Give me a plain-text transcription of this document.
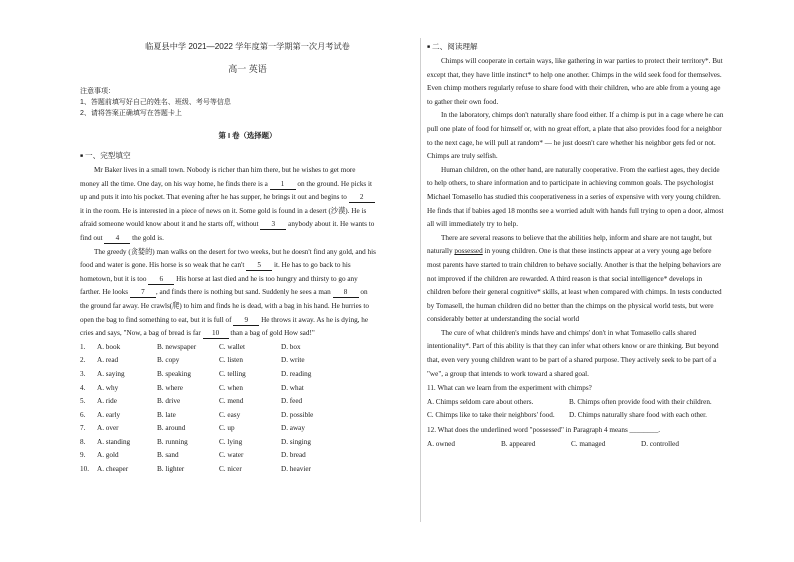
临夏县中学 2021—2022 学年度第一学期第一次月考试卷
高一 英语
注意事项：
1、答题前填写好自己的姓名、班级、考号等信息
2、请将答案正确填写在答题卡上
第 I 卷（选择题）
■ 一、完型填空
Mr Baker lives in a small town. Nobody is richer than him there, but he wishes to get more
money all the time. One day, on his way home, he finds there is a 1 on the ground. He picks it
up and puts it into his pocket. That evening after he has supper, he brings it out and begins to 2
it in the room. He is interested in a piece of news on it. Some gold is found in a desert (沙漠). He is
afraid someone would know about it and he starts off, without 3 anybody about it. He wants to
find out 4 the gold is.
The greedy (贪婪的) man walks on the desert for two weeks, but he doesn't find any gold, and his
food and water is gone. His horse is so weak that he can't 5 it. He has to go back to his
hometown, but it is too 6 His horse at last died and he is too hungry and thirsty to go any
farther. He looks 7 , and finds there is nothing but sand. Suddenly he sees a man 8 on
the ground far away. He crawls(爬) to him and finds he is dead, with a bag in his hand. He hurries to
open the bag to find something to eat, but it is full of 9 He throws it away. As he is dying, he
cries and says, "Now, a bag of bread is far 10 than a bag of gold How sad!"
1.	A. book	B. newspaper	C. wallet	D. box
2.	A. read	B. copy	C. listen	D. write
3.	A. saying	B. speaking	C. telling	D. reading
4.	A. why	B. where	C. when	D. what
5.	A. ride	B. drive	C. mend	D. feed
6.	A. early	B. late	C. easy	D. possible
7.	A. over	B. around	C. up	D. away
8.	A. standing	B. running	C. lying	D. singing
9.	A. gold	B. sand	C. water	D. bread
10.	A. cheaper	B. lighter	C. nicer	D. heavier
■ 二、阅读理解
Chimps will cooperate in certain ways, like gathering in war parties to protect their territory*. But
except that, they have little instinct* to help one another. Chimps in the wild seek food for themselves.
Even chimp mothers regularly refuse to share food with their children, who are able from a young age
to gather their own food.
In the laboratory, chimps don't naturally share food either. If a chimp is put in a cage where he can
pull one plate of food for himself or, with no great effort, a plate that also provides food for a neighbor
to the next cage, he will pull at random* — he just doesn't care whether his neighbor gets fed or not.
Chimps are truly selfish.
Human children, on the other hand, are naturally cooperative. From the earliest ages, they decide
to help others, to share information and to participate in achieving common goals. The psychologist
Michael Tomasello has studied this cooperativeness in a series of expensive with very young children.
He finds that if babies aged 18 months see a worried adult with hands full trying to open a door, almost
all will immediately try to help.
There are several reasons to believe that the abilities help, inform and share are not taught, but
naturally possessed in young children. One is that these instincts appear at a very young age before
most parents have started to train children to behave socially. Another is that the helping behaviors are
not improved if the children are rewarded. A third reason is that social intelligence* develops in
children before their general cognitive* skills, at least when compared with chimps. In tests conducted
by Tomasell, the human children did no better than the chimps on the physical world tests, but were
considerably better at understanding the social world
The cure of what children's minds have and chimps' don't in what Tomasello calls shared
intentionality*. Part of this ability is that they can infer what others know or are thinking. But beyond
that, even very young children want to be part of a shared purpose. They actively seek to be part of a
"we", a group that intends to work toward a shared goal.
11. What can we learn from the experiment with chimps?
A. Chimps seldom care about others.	B. Chimps often provide food with their children.
C. Chimps like to take their neighbors' food.	D. Chimps naturally share food with each other.
12. What does the underlined word "possessed" in Paragraph 4 means ________.
A. owned	B. appeared	C. managed	D. controlled
